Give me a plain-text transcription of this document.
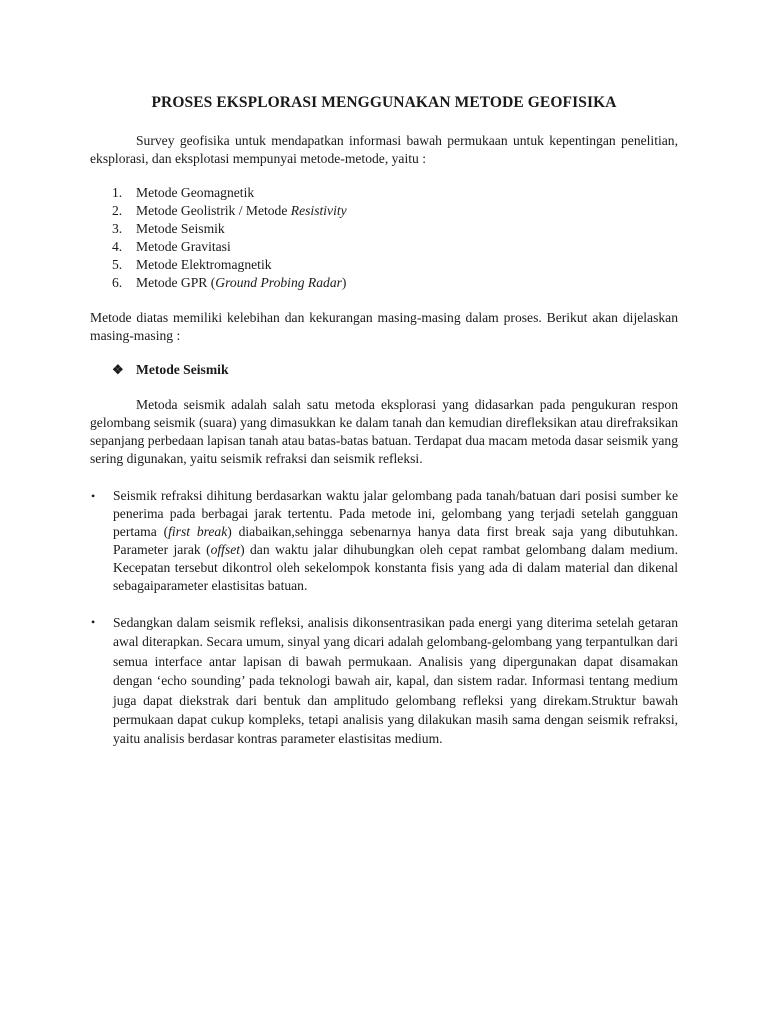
PROSES EKSPLORASI MENGGUNAKAN METODE GEOFISIKA

Survey geofisika untuk mendapatkan informasi bawah permukaan untuk kepentingan penelitian, eksplorasi, dan eksplotasi mempunyai metode-metode, yaitu :

1.	Metode Geomagnetik
2.	Metode Geolistrik / Metode Resistivity
3.	Metode Seismik
4.	Metode Gravitasi
5.	Metode Elektromagnetik
6.	Metode GPR (Ground Probing Radar)

Metode diatas memiliki kelebihan dan kekurangan masing-masing dalam proses. Berikut akan dijelaskan masing-masing :

❖ Metode Seismik

Metoda seismik adalah salah satu metoda eksplorasi yang didasarkan pada pengukuran respon gelombang seismik (suara) yang dimasukkan ke dalam tanah dan kemudian direfleksikan atau direfraksikan sepanjang perbedaan lapisan tanah atau batas-batas batuan. Terdapat dua macam metoda dasar seismik yang sering digunakan, yaitu seismik refraksi dan seismik refleksi.

• Seismik refraksi dihitung berdasarkan waktu jalar gelombang pada tanah/batuan dari posisi sumber ke penerima pada berbagai jarak tertentu. Pada metode ini, gelombang yang terjadi setelah gangguan pertama (first break) diabaikan,sehingga sebenarnya hanya data first break saja yang dibutuhkan. Parameter jarak (offset) dan waktu jalar dihubungkan oleh cepat rambat gelombang dalam medium. Kecepatan tersebut dikontrol oleh sekelompok konstanta fisis yang ada di dalam material dan dikenal sebagaiparameter elastisitas batuan.
• Sedangkan dalam seismik refleksi, analisis dikonsentrasikan pada energi yang diterima setelah getaran awal diterapkan. Secara umum, sinyal yang dicari adalah gelombang-gelombang yang terpantulkan dari semua interface antar lapisan di bawah permukaan. Analisis yang dipergunakan dapat disamakan dengan ‘echo sounding’ pada teknologi bawah air, kapal, dan sistem radar. Informasi tentang medium juga dapat diekstrak dari bentuk dan amplitudo gelombang refleksi yang direkam.Struktur bawah permukaan dapat cukup kompleks, tetapi analisis yang dilakukan masih sama dengan seismik refraksi, yaitu analisis berdasar kontras parameter elastisitas medium.
